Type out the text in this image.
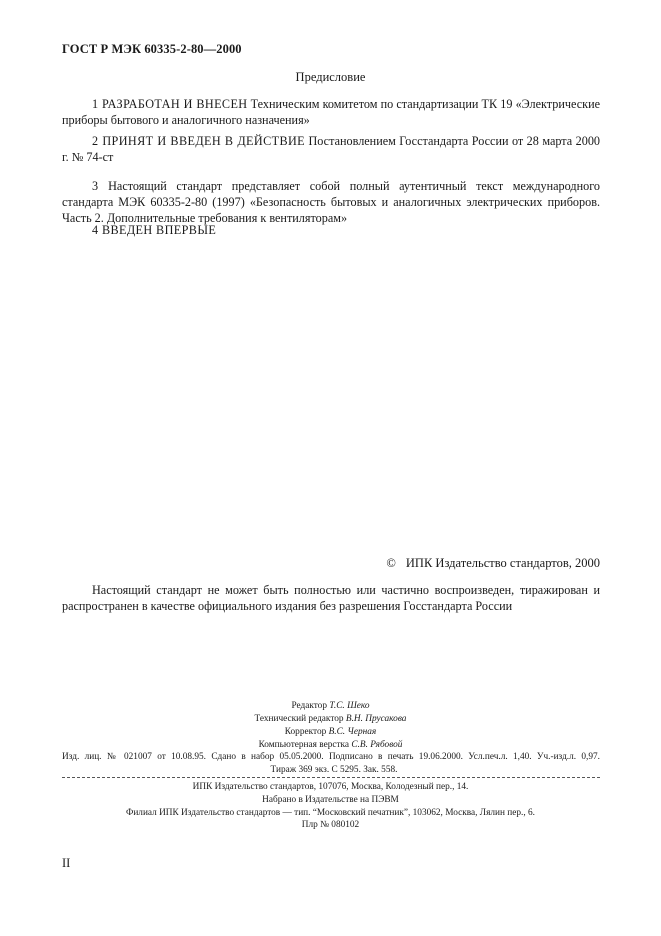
ГОСТ Р МЭК 60335-2-80—2000
Предисловие
1 РАЗРАБОТАН И ВНЕСЕН Техническим комитетом по стандартизации ТК 19 «Электрические приборы бытового и аналогичного назначения»
2 ПРИНЯТ И ВВЕДЕН В ДЕЙСТВИЕ Постановлением Госстандарта России от 28 марта 2000 г. № 74-ст
3 Настоящий стандарт представляет собой полный аутентичный текст международного стандарта МЭК 60335-2-80 (1997) «Безопасность бытовых и аналогичных электрических приборов. Часть 2. Дополнительные требования к вентиляторам»
4 ВВЕДЕН ВПЕРВЫЕ
© ИПК Издательство стандартов, 2000
Настоящий стандарт не может быть полностью или частично воспроизведен, тиражирован и распространен в качестве официального издания без разрешения Госстандарта России
Редактор Т.С. Шеко
Технический редактор В.Н. Прусакова
Корректор В.С. Черная
Компьютерная верстка С.В. Рябовой
Изд. лиц. № 021007 от 10.08.95. Сдано в набор 05.05.2000. Подписано в печать 19.06.2000. Усл.печ.л. 1,40. Уч.-изд.л. 0,97.
Тираж 369 экз. С 5295. Зак. 558.
ИПК Издательство стандартов, 107076, Москва, Колодезный пер., 14.
Набрано в Издательстве на ПЭВМ
Филиал ИПК Издательство стандартов — тип. “Московский печатник”, 103062, Москва, Лялин пер., 6.
Плр № 080102
II
